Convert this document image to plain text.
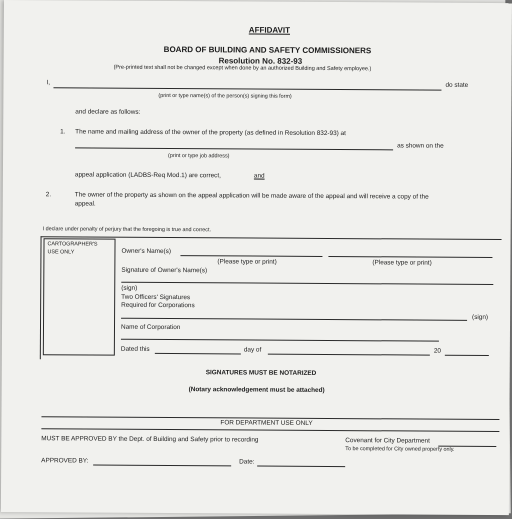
AFFIDAVIT
BOARD OF BUILDING AND SAFETY COMMISSIONERS
Resolution No. 832-93
(Pre-printed text shall not be changed except when done by an authorized Building and Safety employee.)
I,	do state
(print or type name(s) of the person(s) signing this form)
and declare as follows:
1. The name and mailing address of the owner of the property (as defined in Resolution 832-93) at
as shown on the
(print or type job address)
appeal application (LADBS-Req Mod.1) are correct,	and
2.	The owner of the property as shown on the appeal application will be made aware of the appeal and will receive a copy of the
appeal.
I declare under penalty of perjury that the foregoing is true and correct.
CARTOGRAPHER'S
USE ONLY	Owner's Name(s)
(Please type or print)	(Please type or print)
Signature of Owner's Name(s)
(sign)
Two Officers' Signatures
Required for Corporations
(sign)
Name of Corporation
Dated this	day of	20
SIGNATURES MUST BE NOTARIZED
(Notary acknowledgement must be attached)
FOR DEPARTMENT USE ONLY
MUST BE APPROVED BY the Dept. of Building and Safety prior to recording	Covenant for City Department
To be completed for City owned property only.
APPROVED BY:	Date:
